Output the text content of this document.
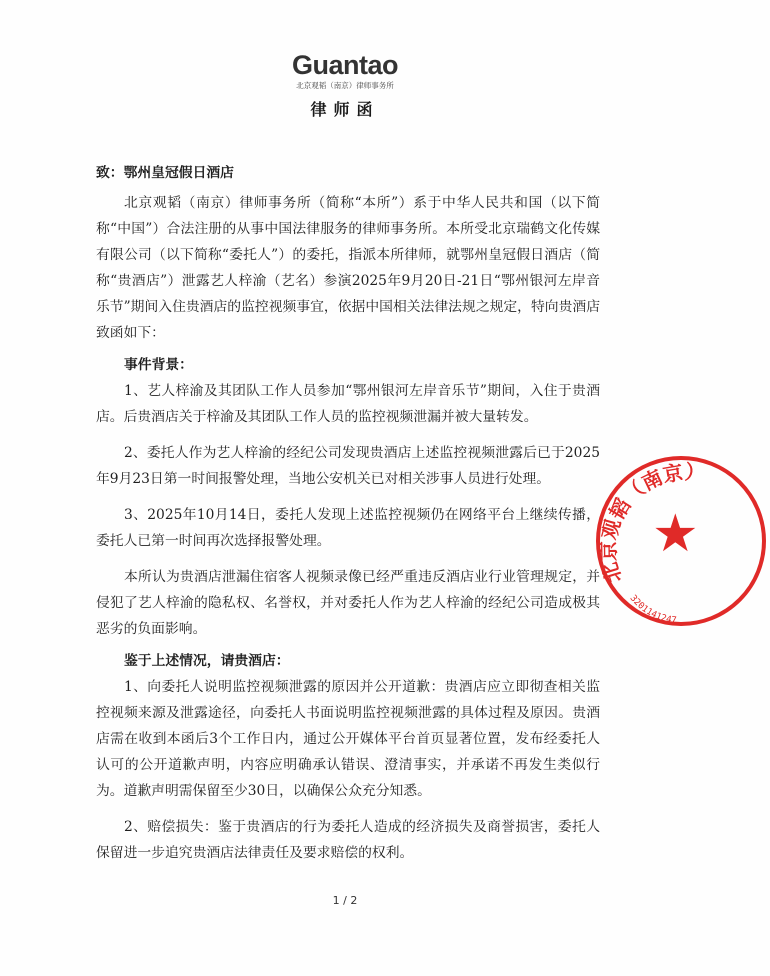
Guantao
北京观韬（南京）律师事务所
律师函

致：鄂州皇冠假日酒店

北京观韬（南京）律师事务所（简称“本所”）系于中华人民共和国（以下简称“中国”）合法注册的从事中国法律服务的律师事务所。本所受北京瑞鹤文化传媒有限公司（以下简称“委托人”）的委托，指派本所律师，就鄂州皇冠假日酒店（简称“贵酒店”）泄露艺人梓渝（艺名）参演2025年9月20日-21日“鄂州银河左岸音乐节”期间入住贵酒店的监控视频事宜，依据中国相关法律法规之规定，特向贵酒店致函如下：

事件背景：

1、艺人梓渝及其团队工作人员参加“鄂州银河左岸音乐节”期间，入住于贵酒店。后贵酒店关于梓渝及其团队工作人员的监控视频泄漏并被大量转发。

2、委托人作为艺人梓渝的经纪公司发现贵酒店上述监控视频泄露后已于2025年9月23日第一时间报警处理，当地公安机关已对相关涉事人员进行处理。

3、2025年10月14日，委托人发现上述监控视频仍在网络平台上继续传播，委托人已第一时间再次选择报警处理。

本所认为贵酒店泄漏住宿客人视频录像已经严重违反酒店业行业管理规定，并侵犯了艺人梓渝的隐私权、名誉权，并对委托人作为艺人梓渝的经纪公司造成极其恶劣的负面影响。

鉴于上述情况，请贵酒店：

1、向委托人说明监控视频泄露的原因并公开道歉：贵酒店应立即彻查相关监控视频来源及泄露途径，向委托人书面说明监控视频泄露的具体过程及原因。贵酒店需在收到本函后3个工作日内，通过公开媒体平台首页显著位置，发布经委托人认可的公开道歉声明，内容应明确承认错误、澄清事实，并承诺不再发生类似行为。道歉声明需保留至少30日，以确保公众充分知悉。

2、赔偿损失：鉴于贵酒店的行为委托人造成的经济损失及商誉损害，委托人保留进一步追究贵酒店法律责任及要求赔偿的权利。

★
北京观韬（南京）
3201141247
1 / 2
